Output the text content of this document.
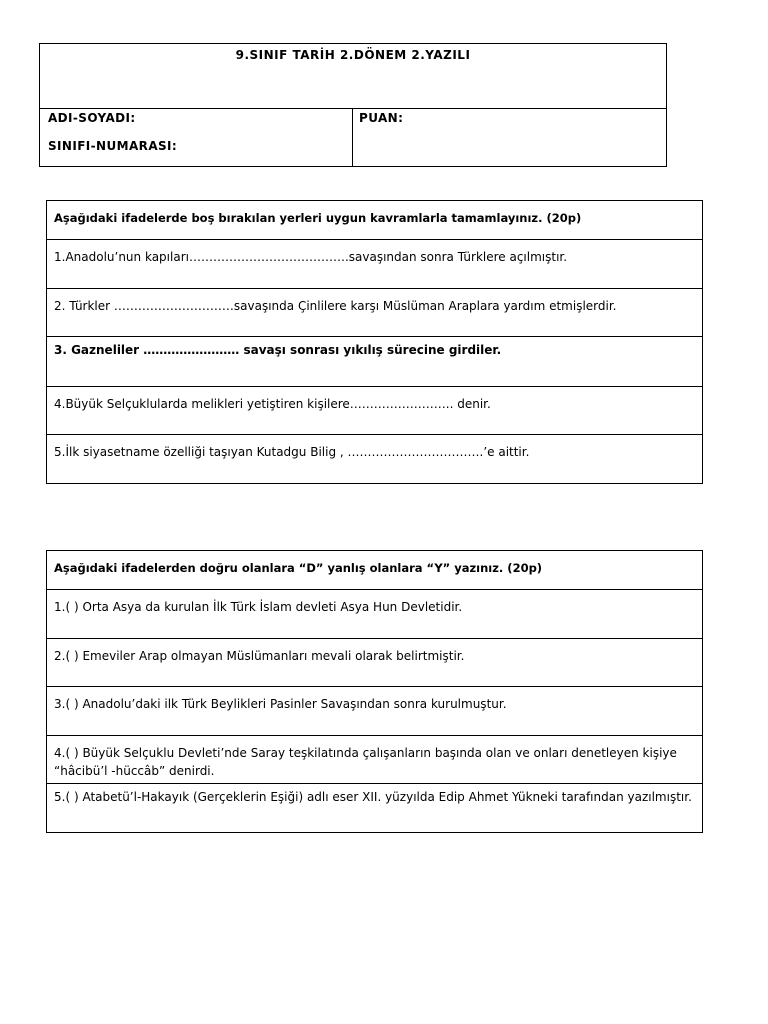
9.SINIF TARİH 2.DÖNEM 2.YAZILI
ADI-SOYADI:
SINIFI-NUMARASI:
PUAN:
Aşağıdaki ifadelerde boş bırakılan yerleri uygun kavramlarla tamamlayınız. (20p)
1.Anadolu’nun kapıları………………………………….savaşından sonra Türklere açılmıştır.
2. Türkler …………………………savaşında Çinlilere karşı Müslüman Araplara yardım etmişlerdir.
3. Gazneliler …………………… savaşı sonrası yıkılış sürecine girdiler.
4.Büyük Selçuklularda melikleri yetiştiren kişilere…………………….. denir.
5.İlk siyasetname özelliği taşıyan Kutadgu Bilig , …………………………….’e aittir.
Aşağıdaki ifadelerden doğru olanlara “D” yanlış olanlara “Y” yazınız. (20p)
1.( ) Orta Asya da kurulan İlk Türk İslam devleti Asya Hun Devletidir.
2.( ) Emeviler Arap olmayan Müslümanları mevali olarak belirtmiştir.
3.( ) Anadolu’daki ilk Türk Beylikleri Pasinler Savaşından sonra kurulmuştur.
4.( ) Büyük Selçuklu Devleti’nde Saray teşkilatında çalışanların başında olan ve onları denetleyen kişiye “hâcibü’l -hüccâb” denirdi.
5.( ) Atabetü’l-Hakayık (Gerçeklerin Eşiği) adlı eser XII. yüzyılda Edip Ahmet Yükneki tarafından yazılmıştır.
